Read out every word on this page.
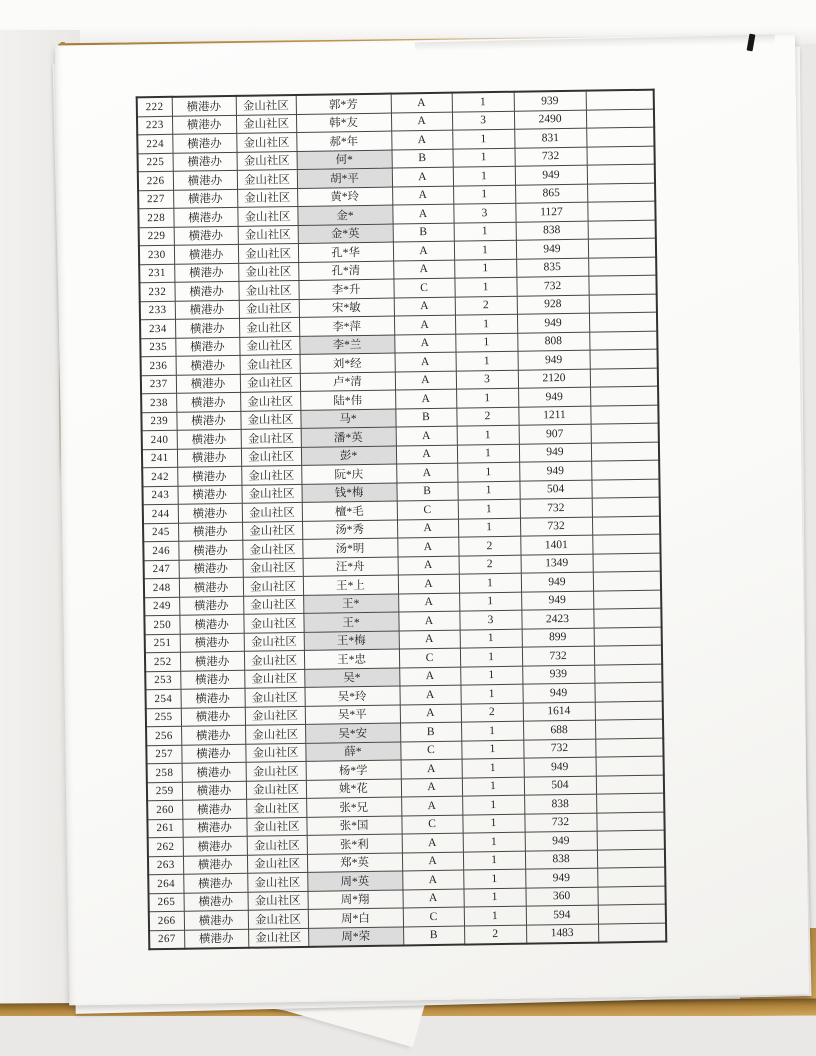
222	横港办	金山社区	郭*芳	A	1	939	
223	横港办	金山社区	韩*友	A	3	2490	
224	横港办	金山社区	郝*年	A	1	831	
225	横港办	金山社区	何*	B	1	732	
226	横港办	金山社区	胡*平	A	1	949	
227	横港办	金山社区	黄*玲	A	1	865	
228	横港办	金山社区	金*	A	3	1127	
229	横港办	金山社区	金*英	B	1	838	
230	横港办	金山社区	孔*华	A	1	949	
231	横港办	金山社区	孔*清	A	1	835	
232	横港办	金山社区	李*升	C	1	732	
233	横港办	金山社区	宋*敏	A	2	928	
234	横港办	金山社区	李*萍	A	1	949	
235	横港办	金山社区	李*兰	A	1	808	
236	横港办	金山社区	刘*经	A	1	949	
237	横港办	金山社区	卢*清	A	3	2120	
238	横港办	金山社区	陆*伟	A	1	949	
239	横港办	金山社区	马*	B	2	1211	
240	横港办	金山社区	潘*英	A	1	907	
241	横港办	金山社区	彭*	A	1	949	
242	横港办	金山社区	阮*庆	A	1	949	
243	横港办	金山社区	钱*梅	B	1	504	
244	横港办	金山社区	檀*毛	C	1	732	
245	横港办	金山社区	汤*秀	A	1	732	
246	横港办	金山社区	汤*明	A	2	1401	
247	横港办	金山社区	汪*舟	A	2	1349	
248	横港办	金山社区	王*上	A	1	949	
249	横港办	金山社区	王*	A	1	949	
250	横港办	金山社区	王*	A	3	2423	
251	横港办	金山社区	王*梅	A	1	899	
252	横港办	金山社区	王*忠	C	1	732	
253	横港办	金山社区	吴*	A	1	939	
254	横港办	金山社区	吴*玲	A	1	949	
255	横港办	金山社区	吴*平	A	2	1614	
256	横港办	金山社区	吴*安	B	1	688	
257	横港办	金山社区	薛*	C	1	732	
258	横港办	金山社区	杨*学	A	1	949	
259	横港办	金山社区	姚*花	A	1	504	
260	横港办	金山社区	张*兄	A	1	838	
261	横港办	金山社区	张*国	C	1	732	
262	横港办	金山社区	张*利	A	1	949	
263	横港办	金山社区	郑*英	A	1	838	
264	横港办	金山社区	周*英	A	1	949	
265	横港办	金山社区	周*翔	A	1	360	
266	横港办	金山社区	周*白	C	1	594	
267	横港办	金山社区	周*荣	B	2	1483	
